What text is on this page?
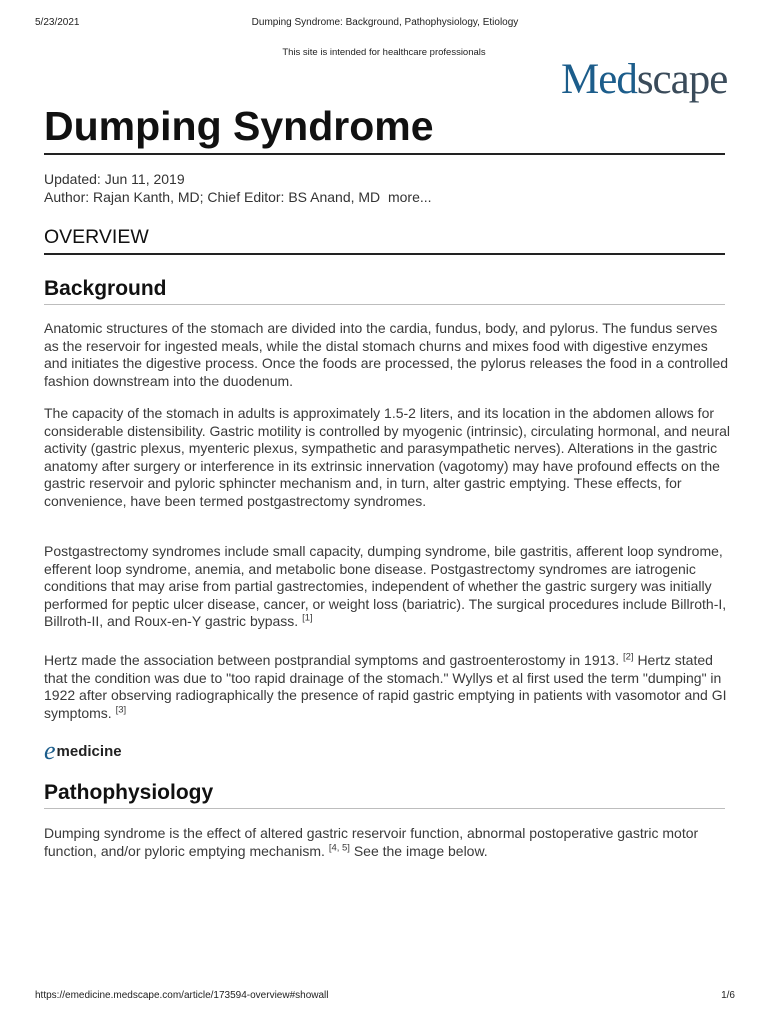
5/23/2021	Dumping Syndrome: Background, Pathophysiology, Etiology
This site is intended for healthcare professionals
Medscape
Dumping Syndrome
Updated: Jun 11, 2019
Author: Rajan Kanth, MD; Chief Editor: BS Anand, MD more...
OVERVIEW
Background

Anatomic structures of the stomach are divided into the cardia, fundus, body, and pylorus. The fundus serves as the reservoir for ingested meals, while the distal stomach churns and mixes food with digestive enzymes and initiates the digestive process. Once the foods are processed, the pylorus releases the food in a controlled fashion downstream into the duodenum.

The capacity of the stomach in adults is approximately 1.5-2 liters, and its location in the abdomen allows for considerable distensibility. Gastric motility is controlled by myogenic (intrinsic), circulating hormonal, and neural activity (gastric plexus, myenteric plexus, sympathetic and parasympathetic nerves). Alterations in the gastric anatomy after surgery or interference in its extrinsic innervation (vagotomy) may have profound effects on the gastric reservoir and pyloric sphincter mechanism and, in turn, alter gastric emptying. These effects, for convenience, have been termed postgastrectomy syndromes.

Postgastrectomy syndromes include small capacity, dumping syndrome, bile gastritis, afferent loop syndrome, efferent loop syndrome, anemia, and metabolic bone disease. Postgastrectomy syndromes are iatrogenic conditions that may arise from partial gastrectomies, independent of whether the gastric surgery was initially performed for peptic ulcer disease, cancer, or weight loss (bariatric). The surgical procedures include Billroth-I, Billroth-II, and Roux-en-Y gastric bypass. [1]

Hertz made the association between postprandial symptoms and gastroenterostomy in 1913. [2] Hertz stated that the condition was due to "too rapid drainage of the stomach." Wyllys et al first used the term "dumping" in 1922 after observing radiographically the presence of rapid gastric emptying in patients with vasomotor and GI symptoms. [3]

e medicine
Pathophysiology

Dumping syndrome is the effect of altered gastric reservoir function, abnormal postoperative gastric motor function, and/or pyloric emptying mechanism. [4, 5] See the image below.

https://emedicine.medscape.com/article/173594-overview#showall	1/6
